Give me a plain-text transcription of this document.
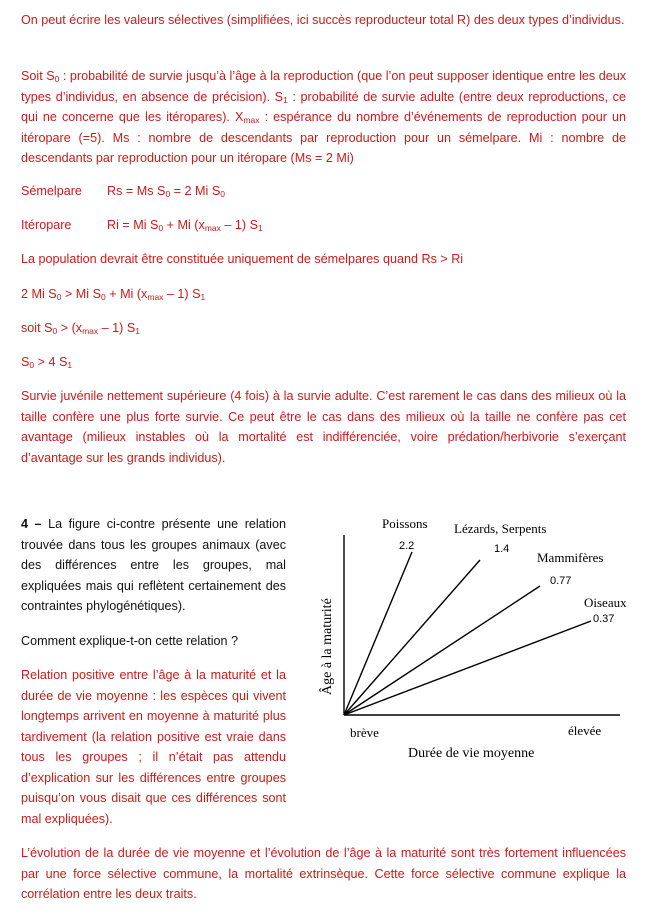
On peut écrire les valeurs sélectives (simplifiées, ici succès reproducteur total R) des deux types d’individus.
Soit $S_0$ : probabilité de survie jusqu’à l’âge à la reproduction (que l’on peut supposer identique entre les deux types d’individus, en absence de précision). $S_1$ : probabilité de survie adulte (entre deux reproductions, ce qui ne concerne que les itéropares). $X_{max}$ : espérance du nombre d’événements de reproduction pour un itéropare (=5). Ms : nombre de descendants par reproduction pour un sémelpare. Mi : nombre de descendants par reproduction pour un itéropare (Ms = 2 Mi)
Sémelpare Rs = Ms $S_0 = 2$ Mi $S_0$
Itéropare	Ri = Mi $S_0 + Mi$ $(x_{max} - 1)$ $S_1$
La population devrait être constituée uniquement de sémelpares quand Rs > Ri
2 Mi $S_0 > Mi$ $S_0 + Mi$ $(x_{max} - 1)$ $S_1$
soit $S_0 > (x_{max} - 1)$ $S_1$
$S_0 > 4$ $S_1$
Survie juvénile nettement supérieure (4 fois) à la survie adulte. C’est rarement le cas dans des milieux où la taille confère une plus forte survie. Ce peut être le cas dans des milieux où la taille ne confère pas cet avantage (milieux instables où la mortalité est indifférenciée, voire prédation/herbivorie s’exerçant d’avantage sur les grands individus).
4 – La figure ci-contre présente une relation trouvée dans tous les groupes animaux (avec des différences entre les groupes, mal expliquées mais qui reflètent certainement des contraintes phylogénétiques).
Comment explique-t-on cette relation ?
Relation positive entre l’âge à la maturité et la durée de vie moyenne : les espèces qui vivent longtemps arrivent en moyenne à maturité plus tardivement (la relation positive est vraie dans tous les groupes ; il n’était pas attendu d’explication sur les différences entre groupes puisqu’on vous disait que ces différences sont mal expliquées).
Poissons Lézards, Serpents
Mammifères
Oiseaux
2.2	1.4
0.77
0.37
brève	élevée
Durée de vie moyenne
Âge à la maturité
L’évolution de la durée de vie moyenne et l’évolution de l’âge à la maturité sont très fortement influencées par une force sélective commune, la mortalité extrinsèque. Cette force sélective commune explique la corrélation entre les deux traits.
